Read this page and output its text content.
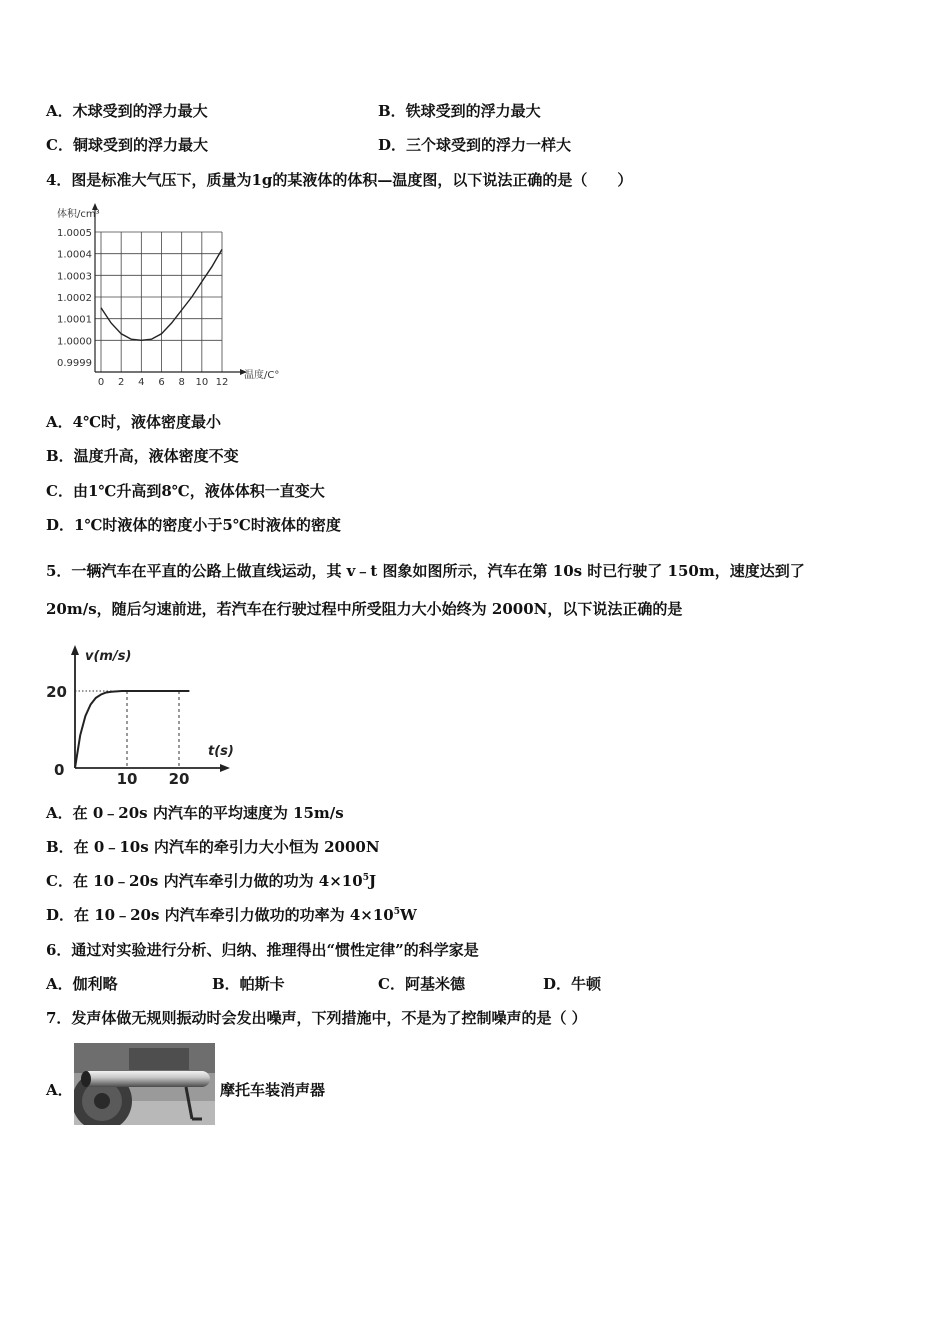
A．木球受到的浮力最大	B．铁球受到的浮力最大
C．铜球受到的浮力最大	D．三个球受到的浮力一样大
4．图是标准大气压下，质量为1g的某液体的体积—温度图，以下说法正确的是（　　）
体积/cm³
温度/C°
0.9999
1.0000
1.0001
1.0002
1.0003
1.0004
1.0005
0 2 4 6 8 10 12
A．4℃时，液体密度最小
B．温度升高，液体密度不变
C．由1℃升高到8℃，液体体积一直变大
D．1℃时液体的密度小于5℃时液体的密度
5．一辆汽车在平直的公路上做直线运动，其 v﹣t 图象如图所示，汽车在第 10s 时已行驶了 150m，速度达到了
20m/s，随后匀速前进，若汽车在行驶过程中所受阻力大小始终为 2000N，以下说法正确的是
v(m/s)
t(s)
0
20
10 20
A．在 0﹣20s 内汽车的平均速度为 15m/s
B．在 0﹣10s 内汽车的牵引力大小恒为 2000N
C．在 10﹣20s 内汽车牵引力做的功为 $4\times 10^5J$
D．在 10﹣20s 内汽车牵引力做功的功率为 $4\times 10^5W$
6．通过对实验进行分析、归纳、推理得出“惯性定律”的科学家是
A．伽利略	B．帕斯卡	C．阿基米德	D．牛顿
7．发声体做无规则振动时会发出噪声，下列措施中，不是为了控制噪声的是（ ）
A．	摩托车装消声器
